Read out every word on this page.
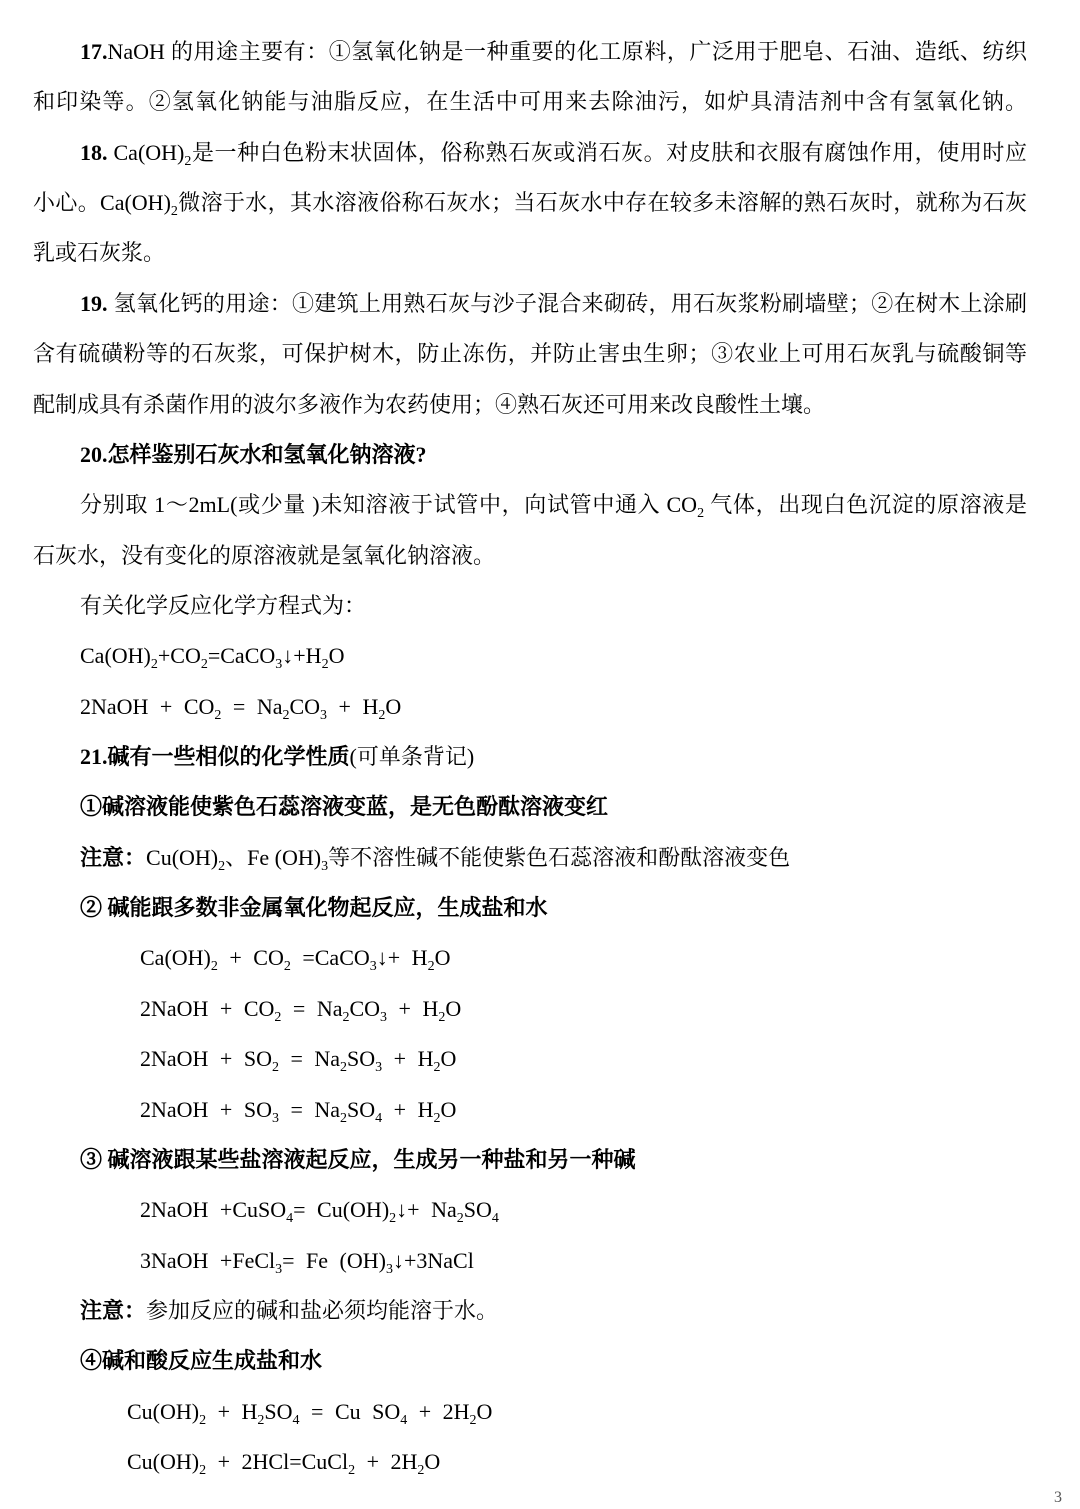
17.NaOH 的用途主要有：①氢氧化钠是一种重要的化工原料，广泛用于肥皂、石油、造纸、纺织
和印染等。②氢氧化钠能与油脂反应，在生活中可用来去除油污，如炉具清洁剂中含有氢氧化钠。
18. $Ca(OH)_2$是一种白色粉末状固体，俗称熟石灰或消石灰。对皮肤和衣服有腐蚀作用，使用时应
小心。$Ca(OH)_2$微溶于水，其水溶液俗称石灰水；当石灰水中存在较多未溶解的熟石灰时，就称为石灰
乳或石灰浆。
19. 氢氧化钙的用途：①建筑上用熟石灰与沙子混合来砌砖，用石灰浆粉刷墙壁；②在树木上涂刷
含有硫磺粉等的石灰浆，可保护树木，防止冻伤，并防止害虫生卵；③农业上可用石灰乳与硫酸铜等
配制成具有杀菌作用的波尔多液作为农药使用；④熟石灰还可用来改良酸性土壤。
20.怎样鉴别石灰水和氢氧化钠溶液?
分别取 1～2mL(或少量 )未知溶液于试管中，向试管中通入 $CO_2$ 气体，出现白色沉淀的原溶液是
石灰水，没有变化的原溶液就是氢氧化钠溶液。
有关化学反应化学方程式为：
$Ca(OH)_2+CO_2=CaCO_3↓+H_2O$
2NaOH + $CO_2 = Na_2CO_3 + H_2O$
21.碱有一些相似的化学性质(可单条背记)
①碱溶液能使紫色石蕊溶液变蓝，是无色酚酞溶液变红
注意：$Cu(OH)_2$、Fe $(OH)_3$等不溶性碱不能使紫色石蕊溶液和酚酞溶液变色
② 碱能跟多数非金属氧化物起反应，生成盐和水
$Ca(OH)_2 + CO_2$ =CaCO$_3$↓+ $H_2O$
2NaOH + $CO_2 = Na_2CO_3 + H_2O$
2NaOH + $SO_2 = Na_2SO_3 + H_2O$
2NaOH + $SO_3 = Na_2SO_4 + H_2O$
③ 碱溶液跟某些盐溶液起反应，生成另一种盐和另一种碱
2NaOH +CuSO$_4$= $Cu(OH)_2↓+ Na_2SO_4$
3NaOH +FeCl$_3$= Fe $(OH)_3↓+3NaCl$
注意：参加反应的碱和盐必须均能溶于水。
④碱和酸反应生成盐和水
$Cu(OH)_2 + H_2SO_4 = Cu$ $SO_4 + 2H_2O$
$Cu(OH)_2$ + 2HCl=CuCl$_2$ + $2H_2O$
3
